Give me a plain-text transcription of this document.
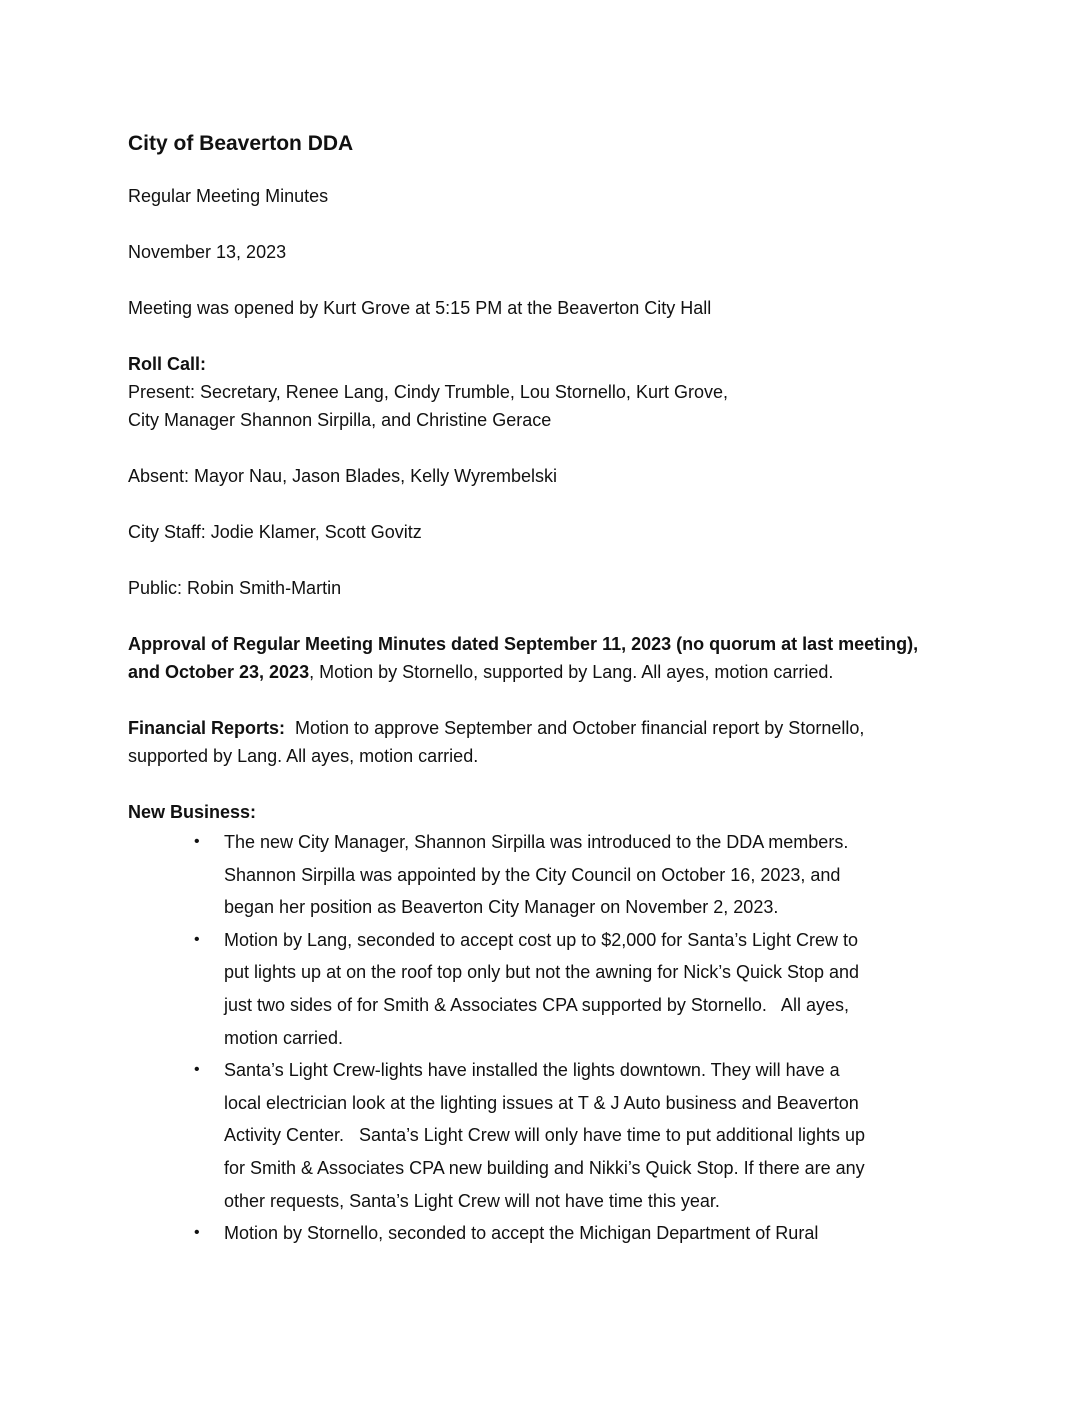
City of Beaverton DDA

Regular Meeting Minutes

November 13, 2023

Meeting was opened by Kurt Grove at 5:15 PM at the Beaverton City Hall

Roll Call:

Present: Secretary, Renee Lang, Cindy Trumble, Lou Stornello, Kurt Grove,

City Manager Shannon Sirpilla, and Christine Gerace

Absent: Mayor Nau, Jason Blades, Kelly Wyrembelski

City Staff: Jodie Klamer, Scott Govitz

Public: Robin Smith-Martin

Approval of Regular Meeting Minutes dated September 11, 2023 (no quorum at last meeting),

and October 23, 2023, Motion by Stornello, supported by Lang. All ayes, motion carried.

Financial Reports:  Motion to approve September and October financial report by Stornello,

supported by Lang. All ayes, motion carried.

New Business:

• The new City Manager, Shannon Sirpilla was introduced to the DDA members.
Shannon Sirpilla was appointed by the City Council on October 16, 2023, and
began her position as Beaverton City Manager on November 2, 2023.
• Motion by Lang, seconded to accept cost up to $2,000 for Santa’s Light Crew to
put lights up at on the roof top only but not the awning for Nick’s Quick Stop and
just two sides of for Smith & Associates CPA supported by Stornello.   All ayes,
motion carried.
• Santa’s Light Crew-lights have installed the lights downtown. They will have a
local electrician look at the lighting issues at T & J Auto business and Beaverton
Activity Center.   Santa’s Light Crew will only have time to put additional lights up
for Smith & Associates CPA new building and Nikki’s Quick Stop. If there are any
other requests, Santa’s Light Crew will not have time this year.
• Motion by Stornello, seconded to accept the Michigan Department of Rural
